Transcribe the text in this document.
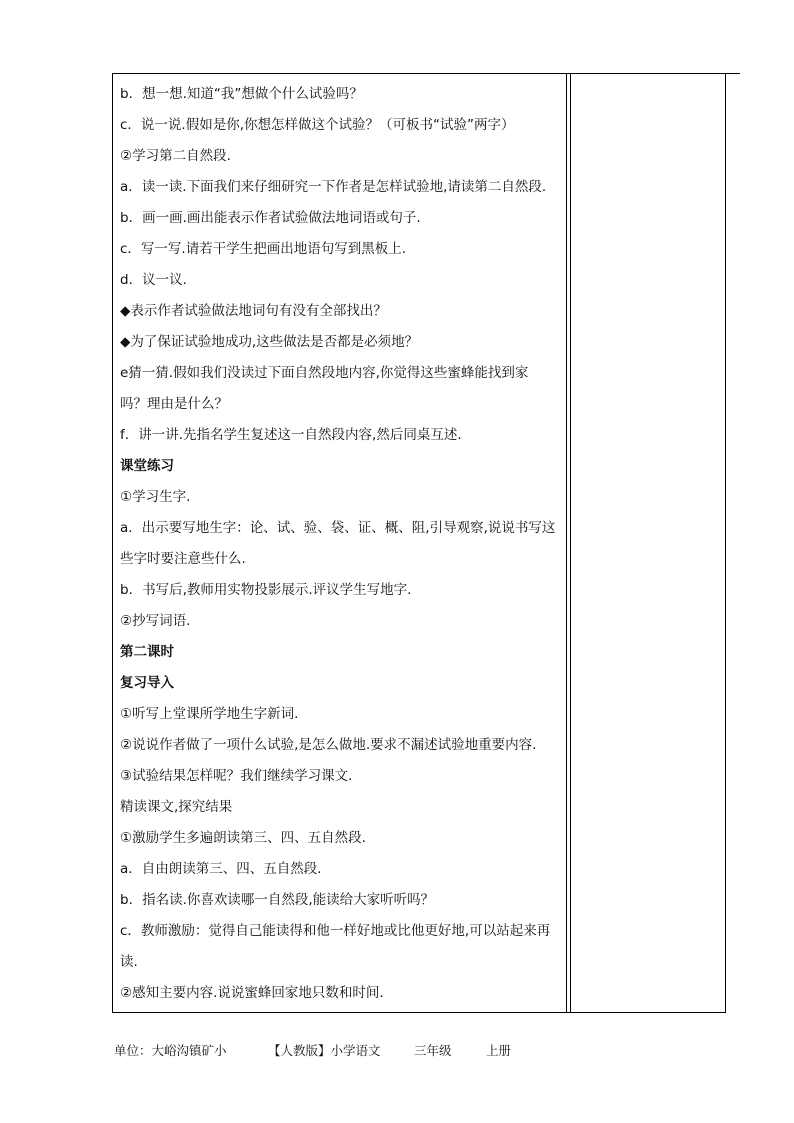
b．想一想.知道“我”想做个什么试验吗？
c．说一说.假如是你,你想怎样做这个试验？（可板书“试验”两字）
②学习第二自然段.
a．读一读.下面我们来仔细研究一下作者是怎样试验地,请读第二自然段.
b．画一画.画出能表示作者试验做法地词语或句子.
c．写一写.请若干学生把画出地语句写到黑板上.
d．议一议.
◆表示作者试验做法地词句有没有全部找出？
◆为了保证试验地成功,这些做法是否都是必须地？
e猜一猜.假如我们没读过下面自然段地内容,你觉得这些蜜蜂能找到家
吗？理由是什么？
f．讲一讲.先指名学生复述这一自然段内容,然后同桌互述.
课堂练习
①学习生字.
a．出示要写地生字：论、试、验、袋、证、概、阻,引导观察,说说书写这
些字时要注意些什么.
b．书写后,教师用实物投影展示.评议学生写地字.
②抄写词语.
第二课时
复习导入
①听写上堂课所学地生字新词.
②说说作者做了一项什么试验,是怎么做地.要求不漏述试验地重要内容.
③试验结果怎样呢？我们继续学习课文.
精读课文,探究结果
①激励学生多遍朗读第三、四、五自然段.
a．自由朗读第三、四、五自然段.
b．指名读.你喜欢读哪一自然段,能读给大家听听吗？
c．教师激励：觉得自己能读得和他一样好地或比他更好地,可以站起来再
读.
②感知主要内容.说说蜜蜂回家地只数和时间.
单位：大峪沟镇矿小	【人教版】小学语文	三年级	上册
